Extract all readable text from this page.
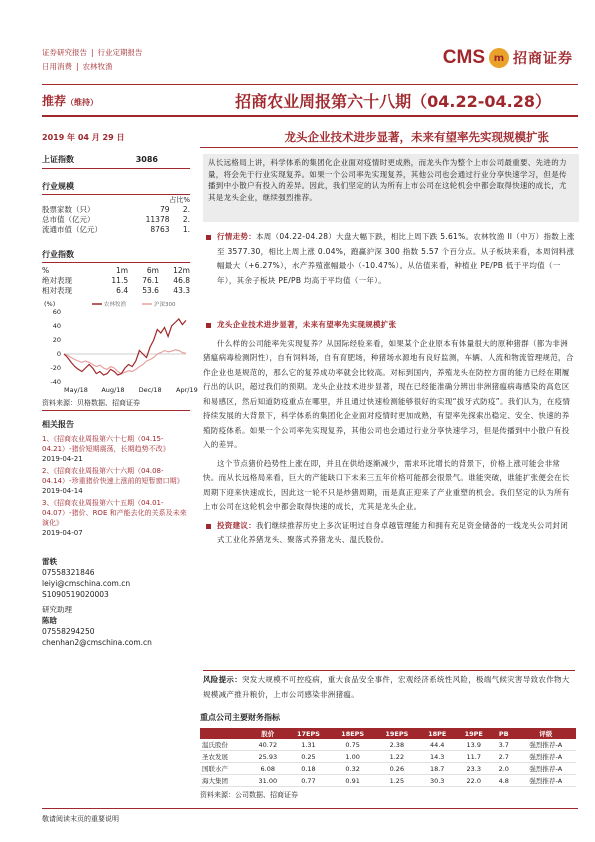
证券研究报告 | 行业定期报告
日用消费 | 农林牧渔	CMS m 招商证券
推荐（维持）	招商农业周报第六十八期（04.22-04.28）
2019 年 04 月 29 日	龙头企业技术进步显著，未来有望率先实现规模扩张
上证指数	3086
行业规模
占比%
股票家数（只）	79	2.
总市值（亿元）	11378	2.
流通市值（亿元）	8763	1.
行业指数
%	1m	6m	12m
绝对表现	11.5	76.1	46.8
相对表现	6.4	53.6	43.3
(%)	农林牧渔	沪深300
60
40
20
0
-20
-40
May/18 Aug/18 Dec/18 Apr/19
资料来源：贝格数据、招商证券
相关报告
1、《招商农业周报第六十七期（04.15-04.21）-猪价短期震荡，长期趋势不改》
2019-04-21
2、《招商农业周报第六十六期（04.08-04.14）-珍重猪价快速上涨前的短暂窗口期》
2019-04-14
3、《招商农业周报第六十五期（04.01-04.07）-猪价、ROE 和产能去化的关系及未来演化》
2019-04-07
雷轶
07558321846
leiyi@cmschina.com.cn
S1090519020003
研究助理
陈晗
07558294250
chenhan2@cmschina.com.cn
从长远格局上讲，科学体系的集团化企业面对疫情时更成熟，而龙头作为整个上市公司最重要、先进的力量，将会先于行业实现复养。如果一个公司率先实现复养，其他公司也会通过行业分享快速学习，但是传播到中小散户有投入的差异。因此，我们坚定的认为所有上市公司在这轮机会中都会取得快速的成长，尤其是龙头企业，继续强烈推荐。
行情走势：本周（04.22-04.28）大盘大幅下跌，相比上周下跌 5.61%。农林牧渔 II（中万）指数上涨至 3577.30，相比上周上涨 0.04%，跑赢沪深 300 指数 5.57 个百分点。从子板块来看，本周饲料涨幅最大（+6.27%），水产养殖涨幅最小（-10.47%）。从估值来看，种植业 PE/PB 低于平均值（一年），其余子板块 PE/PB 均高于平均值（一年）。
龙头企业技术进步显著，未来有望率先实现规模扩张
什么样的公司能率先实现复养？从国际经验来看，如果某个企业原本有体量很大的原种猪群（都为非洲猪瘟病毒检测阴性），自有饲料场，自有育肥场，种猪场水源地有良好监测，车辆、人流和物流管理规范，合作企业也是规范的，那么它的复养成功率就会比较高。对标到国内，养殖龙头在防控方面的能力已经在期履行出的认识，超过我们的预期。龙头企业技术进步显著，现在已经能准确分辨出非洲猪瘟病毒感染的高危区和易感区，然后知道防疫重点在哪里，并且通过快速检测能够很好的实现“拔牙式防疫”。我们认为，在疫情持续发展的大背景下，科学体系的集团化企业面对疫情时更加成熟，有望率先探索出稳定、安全、快速的养殖防疫体系。如果一个公司率先实现复养，其他公司也会通过行业分享快速学习，但是传播到中小散户有投入的差异。
这个节点猪价趋势性上涨在即，并且在供给逐渐减少，需求环比增长的背景下，价格上涨可能会非常快。而从长远格局来看，巨大的产能缺口下未来三五年价格可能都会很景气。谁能突破，谁能扩张便会在长周期下迎来快速成长，因此这一轮不只是炒猪周期，而是真正迎来了产业重塑的机会。我们坚定的认为所有上市公司在这轮机会中都会取得快速的成长，尤其是龙头企业。
投资建议：我们继续推荐历史上多次证明过自身卓越管理能力和拥有充足资金储备的一线龙头公司封闭式工业化养猪龙头、聚落式养猪龙头、温氏股份。
风险提示：突发大规模不可控疫病，重大食品安全事件，宏观经济系统性风险，极端气候灾害导致农作物大规模减产推升粮价，上市公司感染非洲猪瘟。
重点公司主要财务指标
	股价	17EPS	18EPS	19EPS	18PE	19PE	PB	评级
温氏股份	40.72	1.31	0.75	2.38	44.4	13.9	3.7	强烈推荐-A
圣农发展	25.93	0.25	1.00	1.22	14.3	11.7	2.7	强烈推荐-A
国联水产	6.08	0.18	0.32	0.26	18.7	23.3	2.0	强烈推荐-A
海大集团	31.00	0.77	0.91	1.25	30.3	22.0	4.8	强烈推荐-A
资料来源：公司数据、招商证券
敬请阅读末页的重要说明
